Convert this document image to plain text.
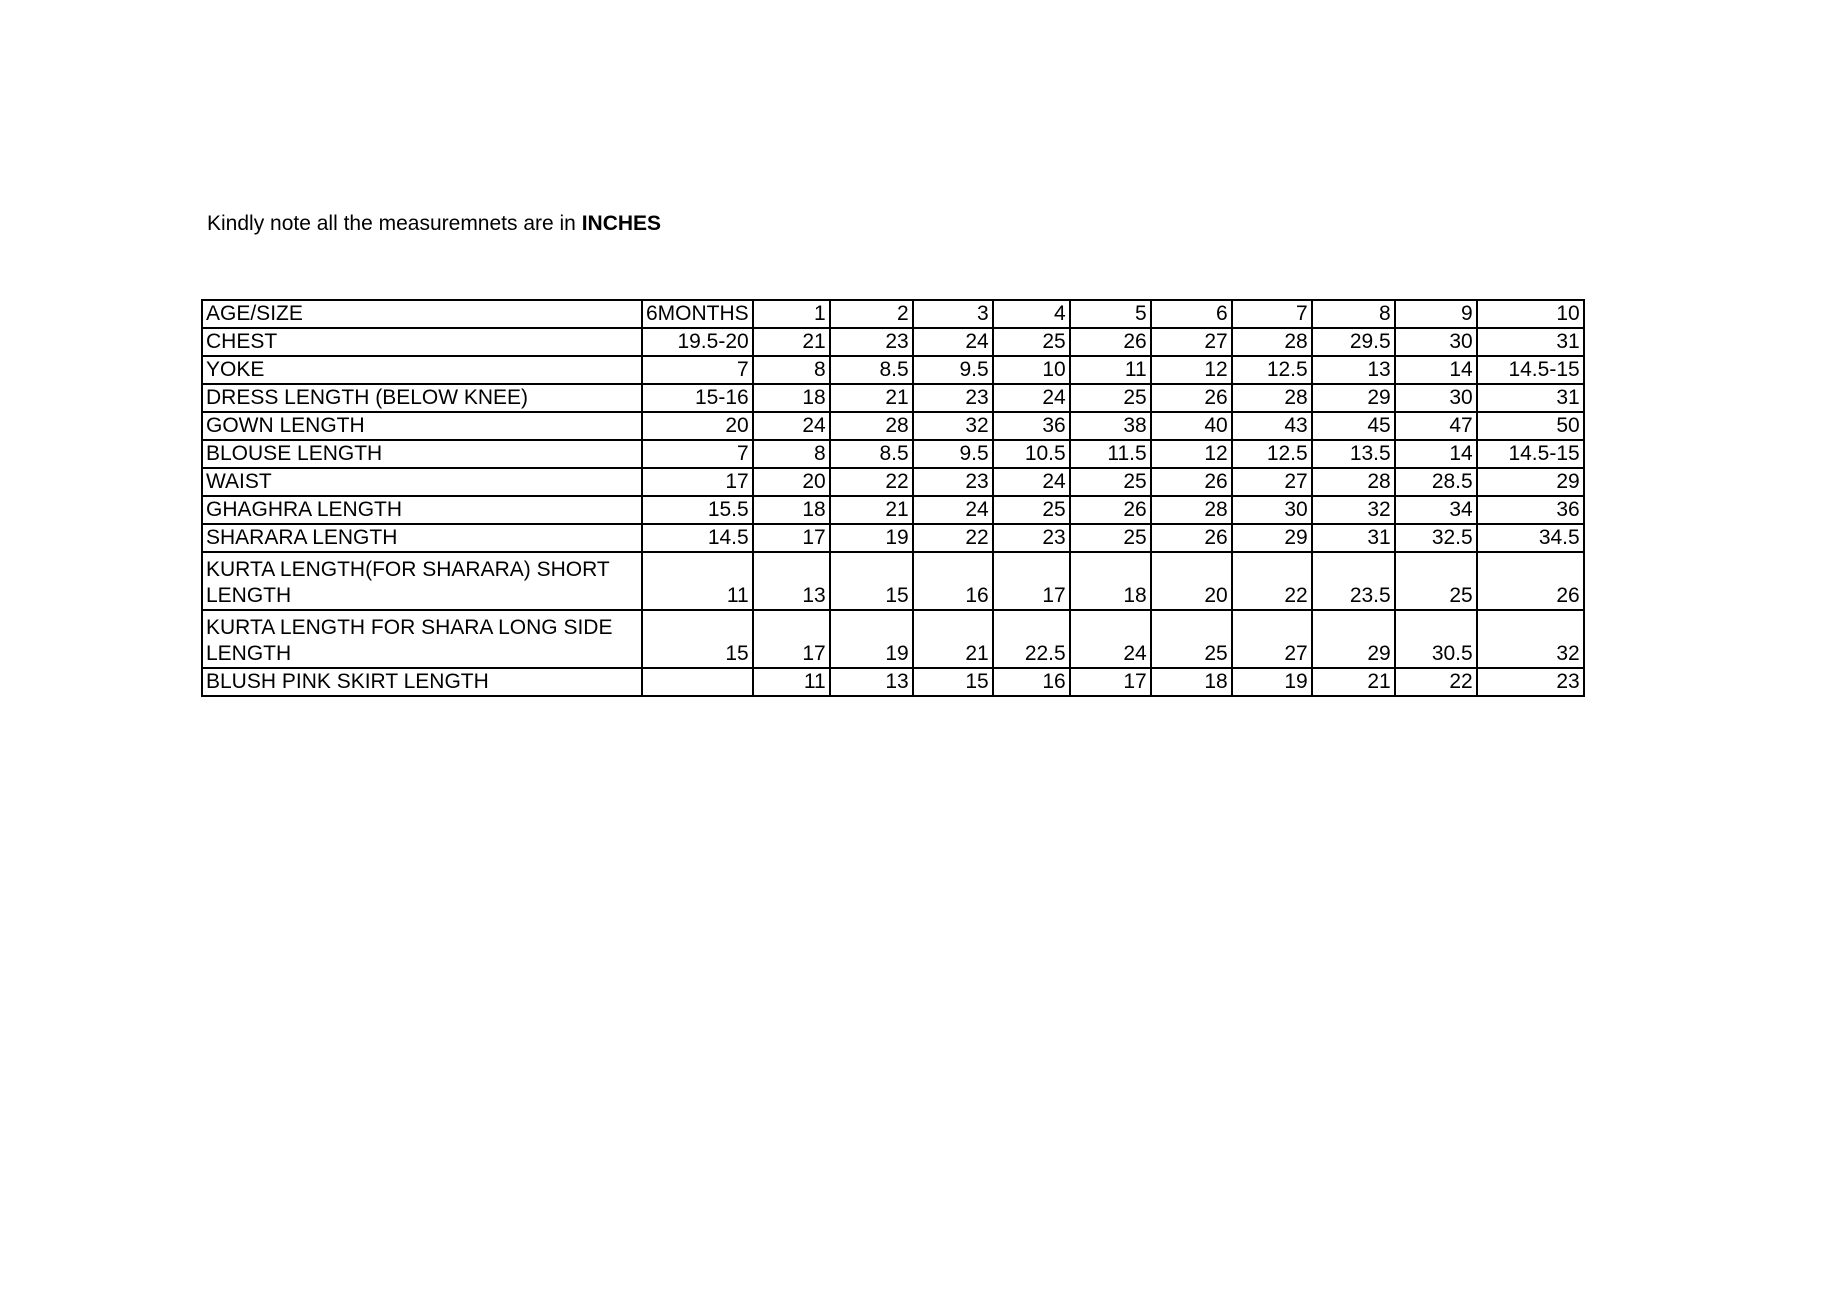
Kindly note all the measuremnets are in INCHES
AGE/SIZE	6MONTHS	1	2	3	4	5	6	7	8	9	10
CHEST	19.5-20	21	23	24	25	26	27	28	29.5	30	31
YOKE	7	8	8.5	9.5	10	11	12	12.5	13	14	14.5-15
DRESS LENGTH (BELOW KNEE)	15-16	18	21	23	24	25	26	28	29	30	31
GOWN LENGTH	20	24	28	32	36	38	40	43	45	47	50
BLOUSE LENGTH	7	8	8.5	9.5	10.5	11.5	12	12.5	13.5	14	14.5-15
WAIST	17	20	22	23	24	25	26	27	28	28.5	29
GHAGHRA LENGTH	15.5	18	21	24	25	26	28	30	32	34	36
SHARARA LENGTH	14.5	17	19	22	23	25	26	29	31	32.5	34.5
KURTA LENGTH(FOR SHARARA) SHORT LENGTH	11	13	15	16	17	18	20	22	23.5	25	26
KURTA LENGTH FOR SHARA LONG SIDE LENGTH	15	17	19	21	22.5	24	25	27	29	30.5	32
BLUSH PINK SKIRT LENGTH		11	13	15	16	17	18	19	21	22	23
